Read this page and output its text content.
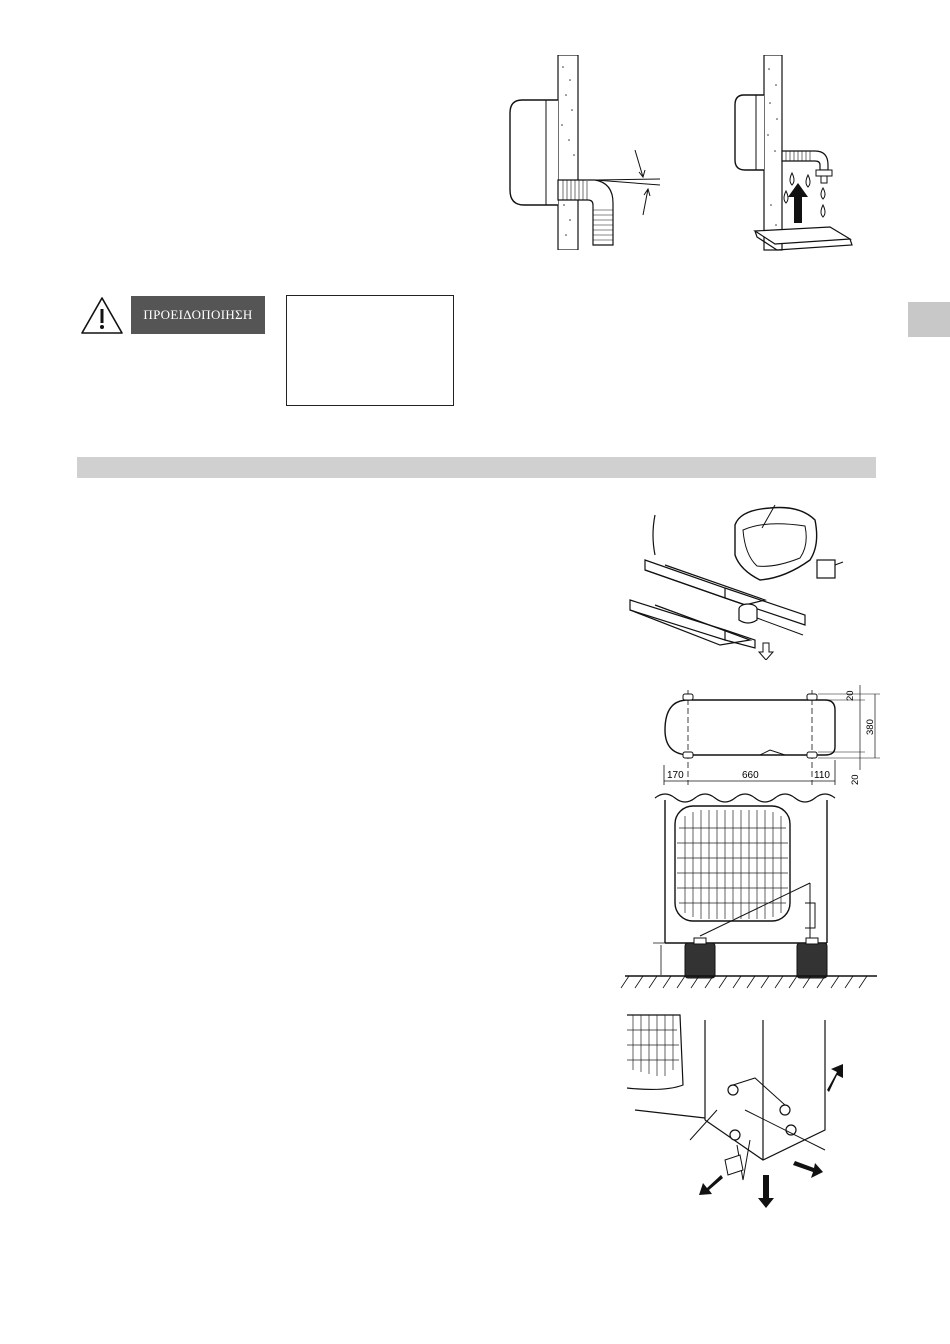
ΠΡΟΕΙΔΟΠΟΙΗΣΗ
20
380
20
170	660	110
